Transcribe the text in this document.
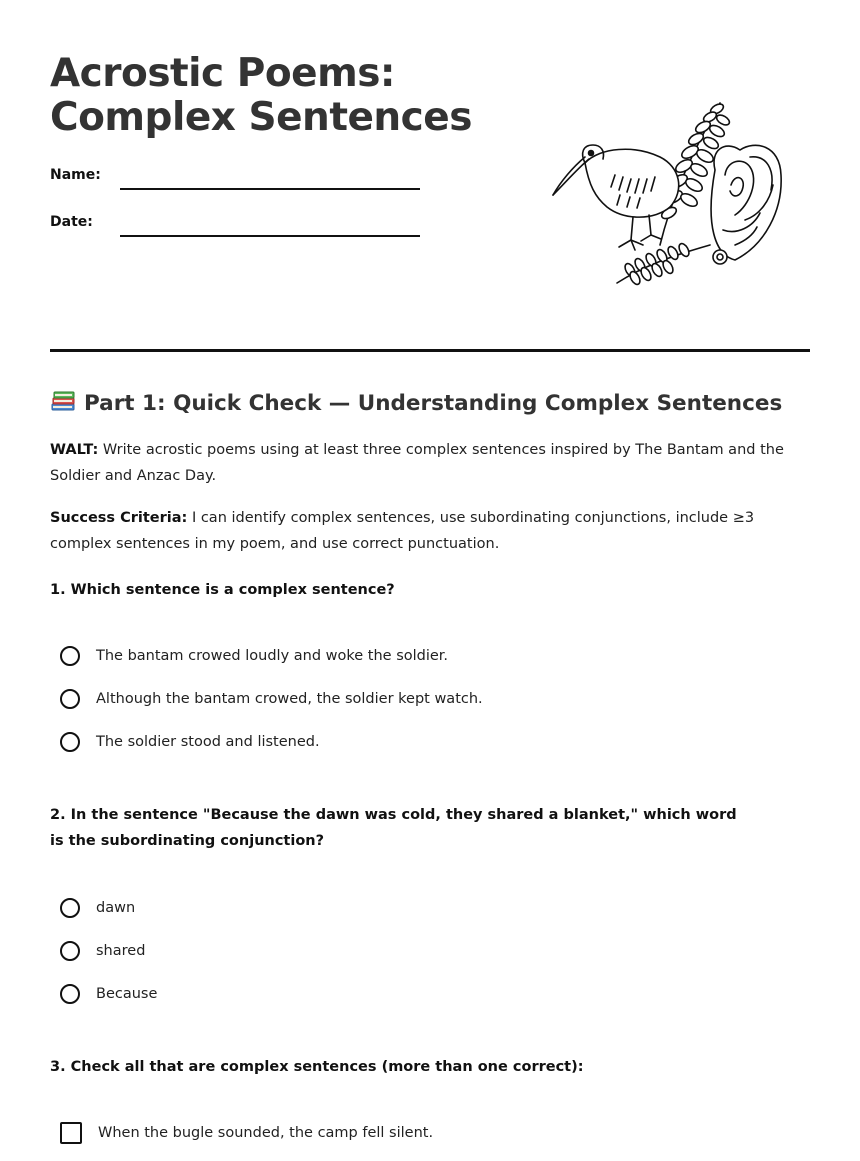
Acrostic Poems:
Complex Sentences
Name:
Date:
Part 1: Quick Check — Understanding Complex Sentences

WALT: Write acrostic poems using at least three complex sentences inspired by The Bantam and the Soldier and Anzac Day.

Success Criteria: I can identify complex sentences, use subordinating conjunctions, include ≥3 complex sentences in my poem, and use correct punctuation.

1. Which sentence is a complex sentence?

The bantam crowed loudly and woke the soldier.
Although the bantam crowed, the soldier kept watch.
The soldier stood and listened.

2. In the sentence "Because the dawn was cold, they shared a blanket," which word is the subordinating conjunction?

dawn
shared
Because

3. Check all that are complex sentences (more than one correct):

When the bugle sounded, the camp fell silent.
